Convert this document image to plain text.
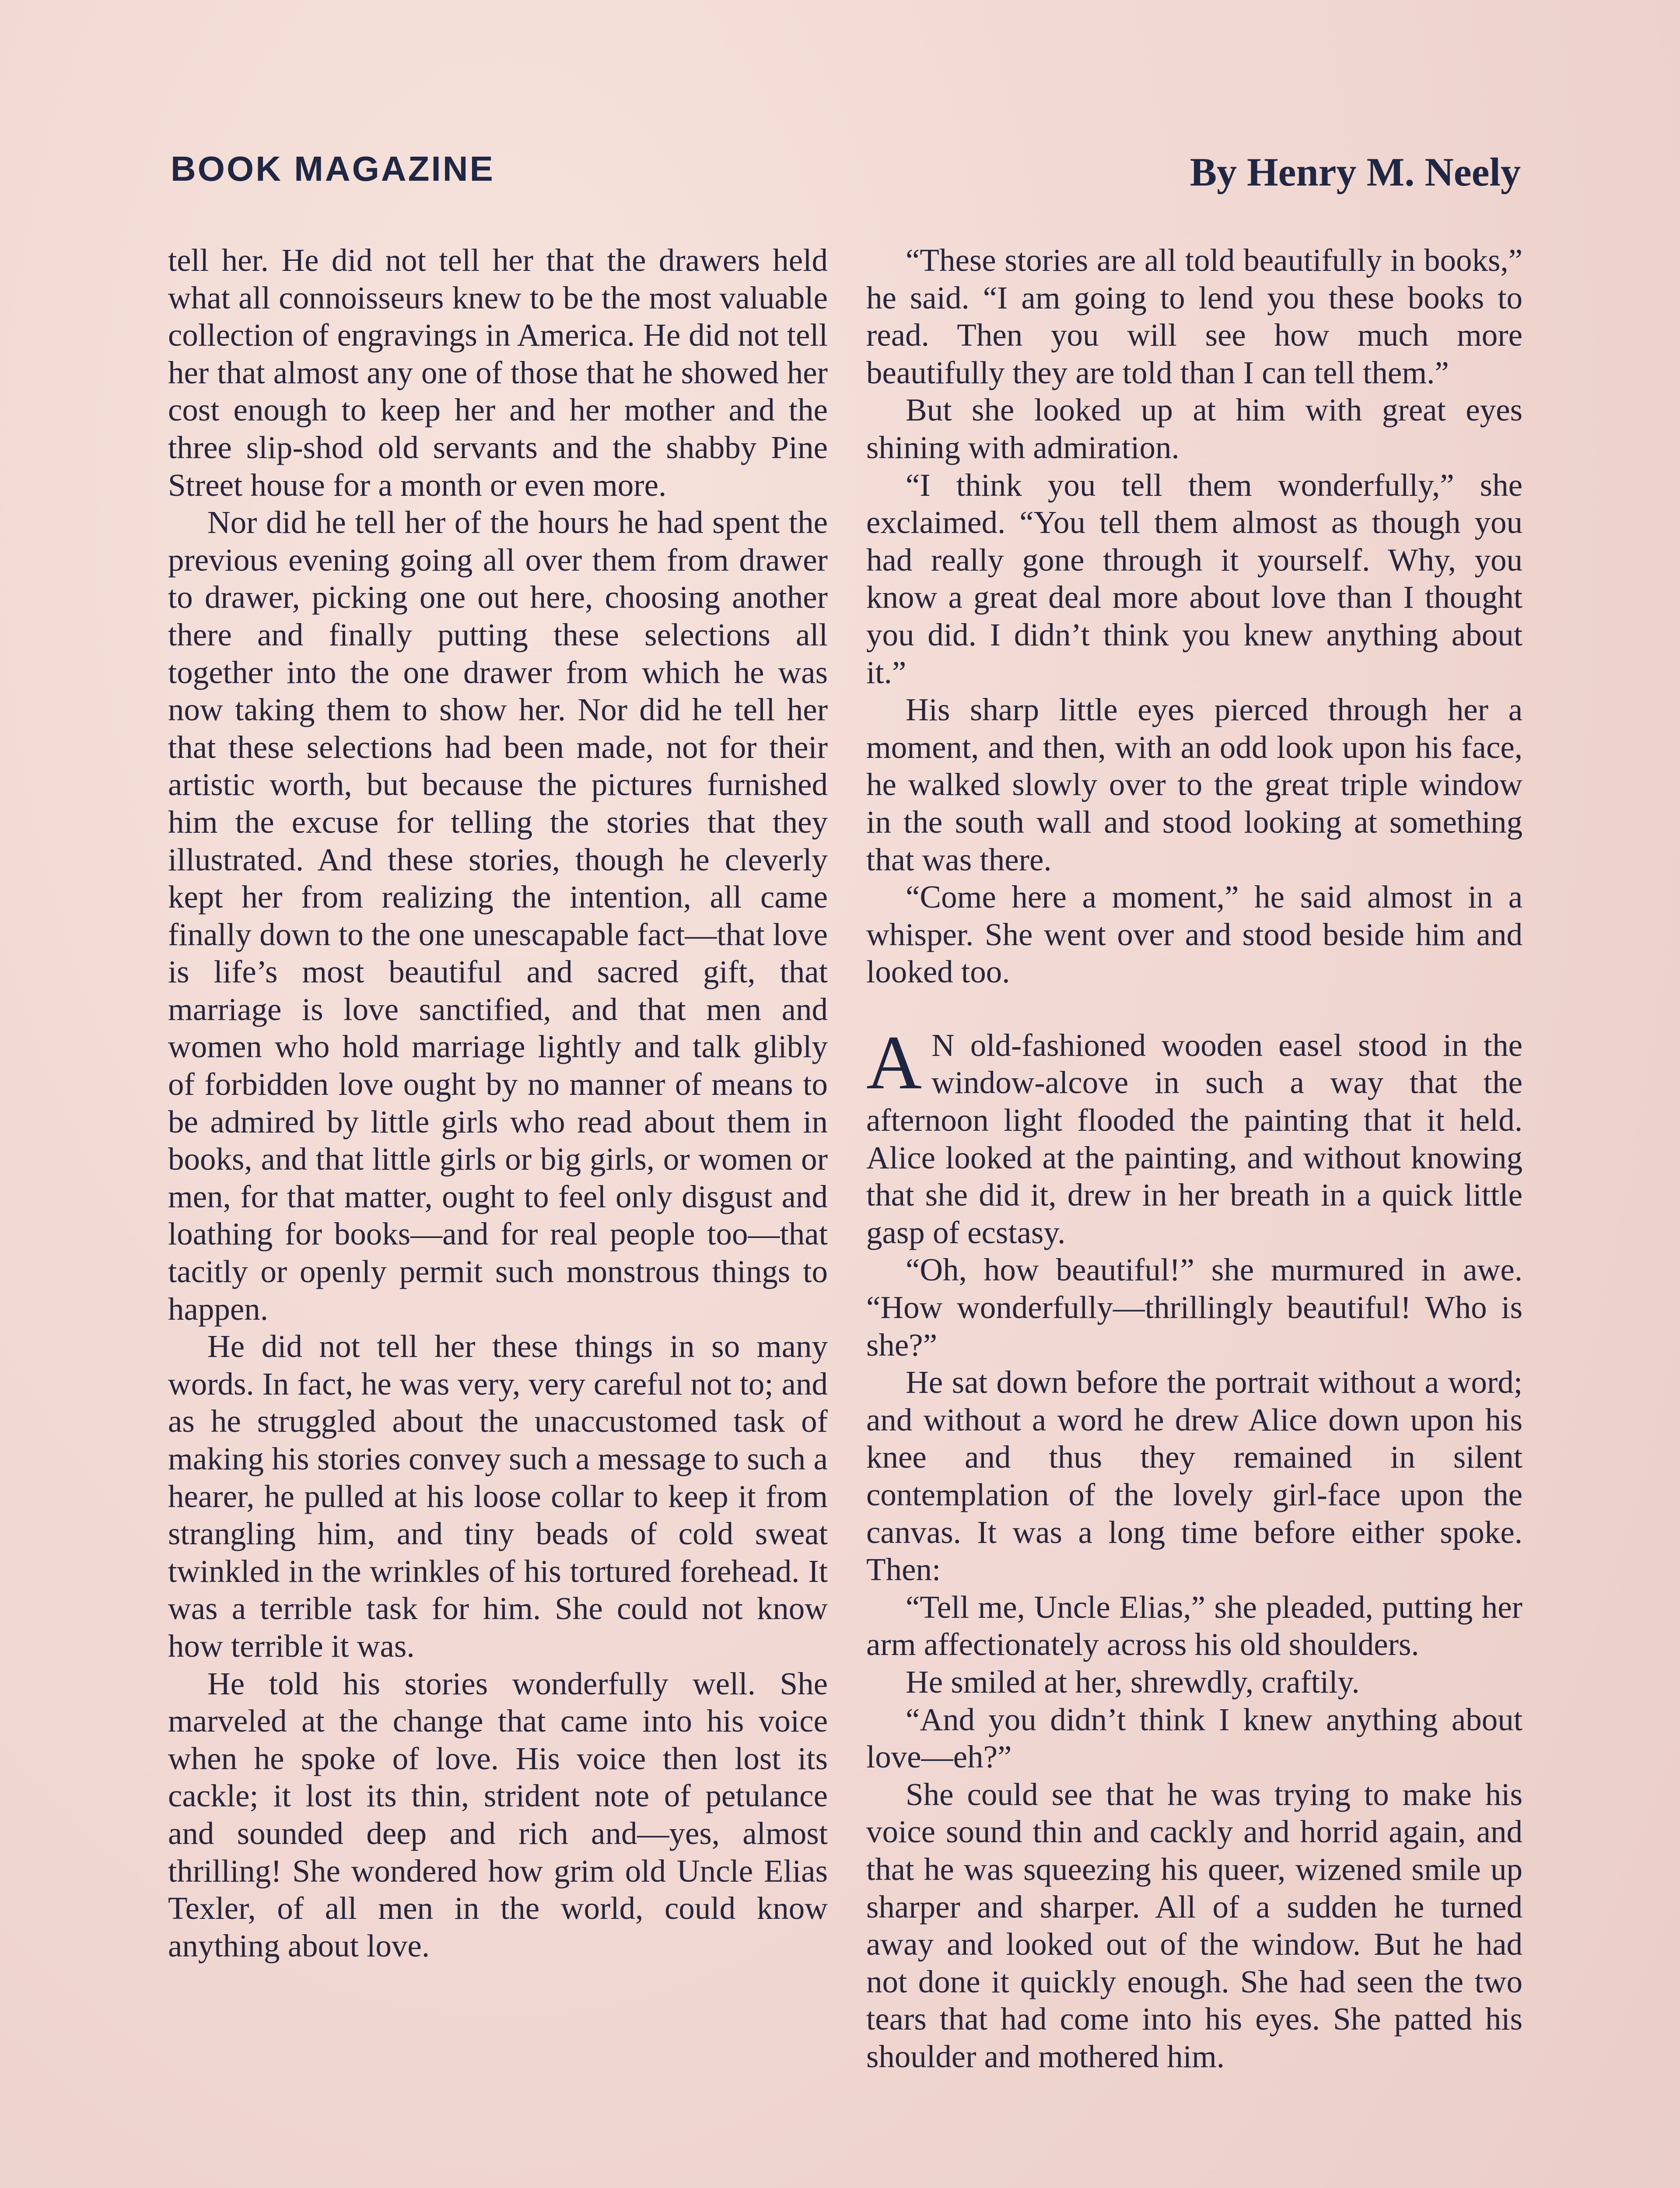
BOOK MAGAZINE	By Henry M. Neely

tell her. He did not tell her that the drawers held what all connoisseurs knew to be the most valuable collection of engravings in America. He did not tell her that almost any one of those that he showed her cost enough to keep her and her mother and the three slip-shod old servants and the shabby Pine Street house for a month or even more.

Nor did he tell her of the hours he had spent the previous evening going all over them from drawer to drawer, picking one out here, choosing another there and finally putting these selections all together into the one drawer from which he was now taking them to show her. Nor did he tell her that these selections had been made, not for their artistic worth, but because the pictures furnished him the excuse for telling the stories that they illustrated. And these stories, though he cleverly kept her from realizing the intention, all came finally down to the one unescapable fact—that love is life’s most beautiful and sacred gift, that marriage is love sanctified, and that men and women who hold marriage lightly and talk glibly of forbidden love ought by no manner of means to be admired by little girls who read about them in books, and that little girls or big girls, or women or men, for that matter, ought to feel only disgust and loathing for books—and for real people too—that tacitly or openly permit such monstrous things to happen.

He did not tell her these things in so many words. In fact, he was very, very careful not to; and as he struggled about the unaccustomed task of making his stories convey such a message to such a hearer, he pulled at his loose collar to keep it from strangling him, and tiny beads of cold sweat twinkled in the wrinkles of his tortured forehead. It was a terrible task for him. She could not know how terrible it was.

He told his stories wonderfully well. She marveled at the change that came into his voice when he spoke of love. His voice then lost its cackle; it lost its thin, strident note of petulance and sounded deep and rich and—yes, almost thrilling! She wondered how grim old Uncle Elias Texler, of all men in the world, could know anything about love.

“These stories are all told beautifully in books,” he said. “I am going to lend you these books to read. Then you will see how much more beautifully they are told than I can tell them.”

But she looked up at him with great eyes shining with admiration.

“I think you tell them wonderfully,” she exclaimed. “You tell them almost as though you had really gone through it yourself. Why, you know a great deal more about love than I thought you did. I didn’t think you knew anything about it.”

His sharp little eyes pierced through her a moment, and then, with an odd look upon his face, he walked slowly over to the great triple window in the south wall and stood looking at something that was there.

“Come here a moment,” he said almost in a whisper. She went over and stood beside him and looked too.

A N old-fashioned wooden easel stood in the window-alcove in such a way that the afternoon light flooded the painting that it held. Alice looked at the painting, and without knowing that she did it, drew in her breath in a quick little gasp of ecstasy.

“Oh, how beautiful!” she murmured in awe. “How wonderfully—thrillingly beautiful! Who is she?”

He sat down before the portrait without a word; and without a word he drew Alice down upon his knee and thus they remained in silent contemplation of the lovely girl-face upon the canvas. It was a long time before either spoke. Then:

“Tell me, Uncle Elias,” she pleaded, putting her arm affectionately across his old shoulders.

He smiled at her, shrewdly, craftily.

“And you didn’t think I knew anything about love—eh?”

She could see that he was trying to make his voice sound thin and cackly and horrid again, and that he was squeezing his queer, wizened smile up sharper and sharper. All of a sudden he turned away and looked out of the window. But he had not done it quickly enough. She had seen the two tears that had come into his eyes. She patted his shoulder and mothered him.
